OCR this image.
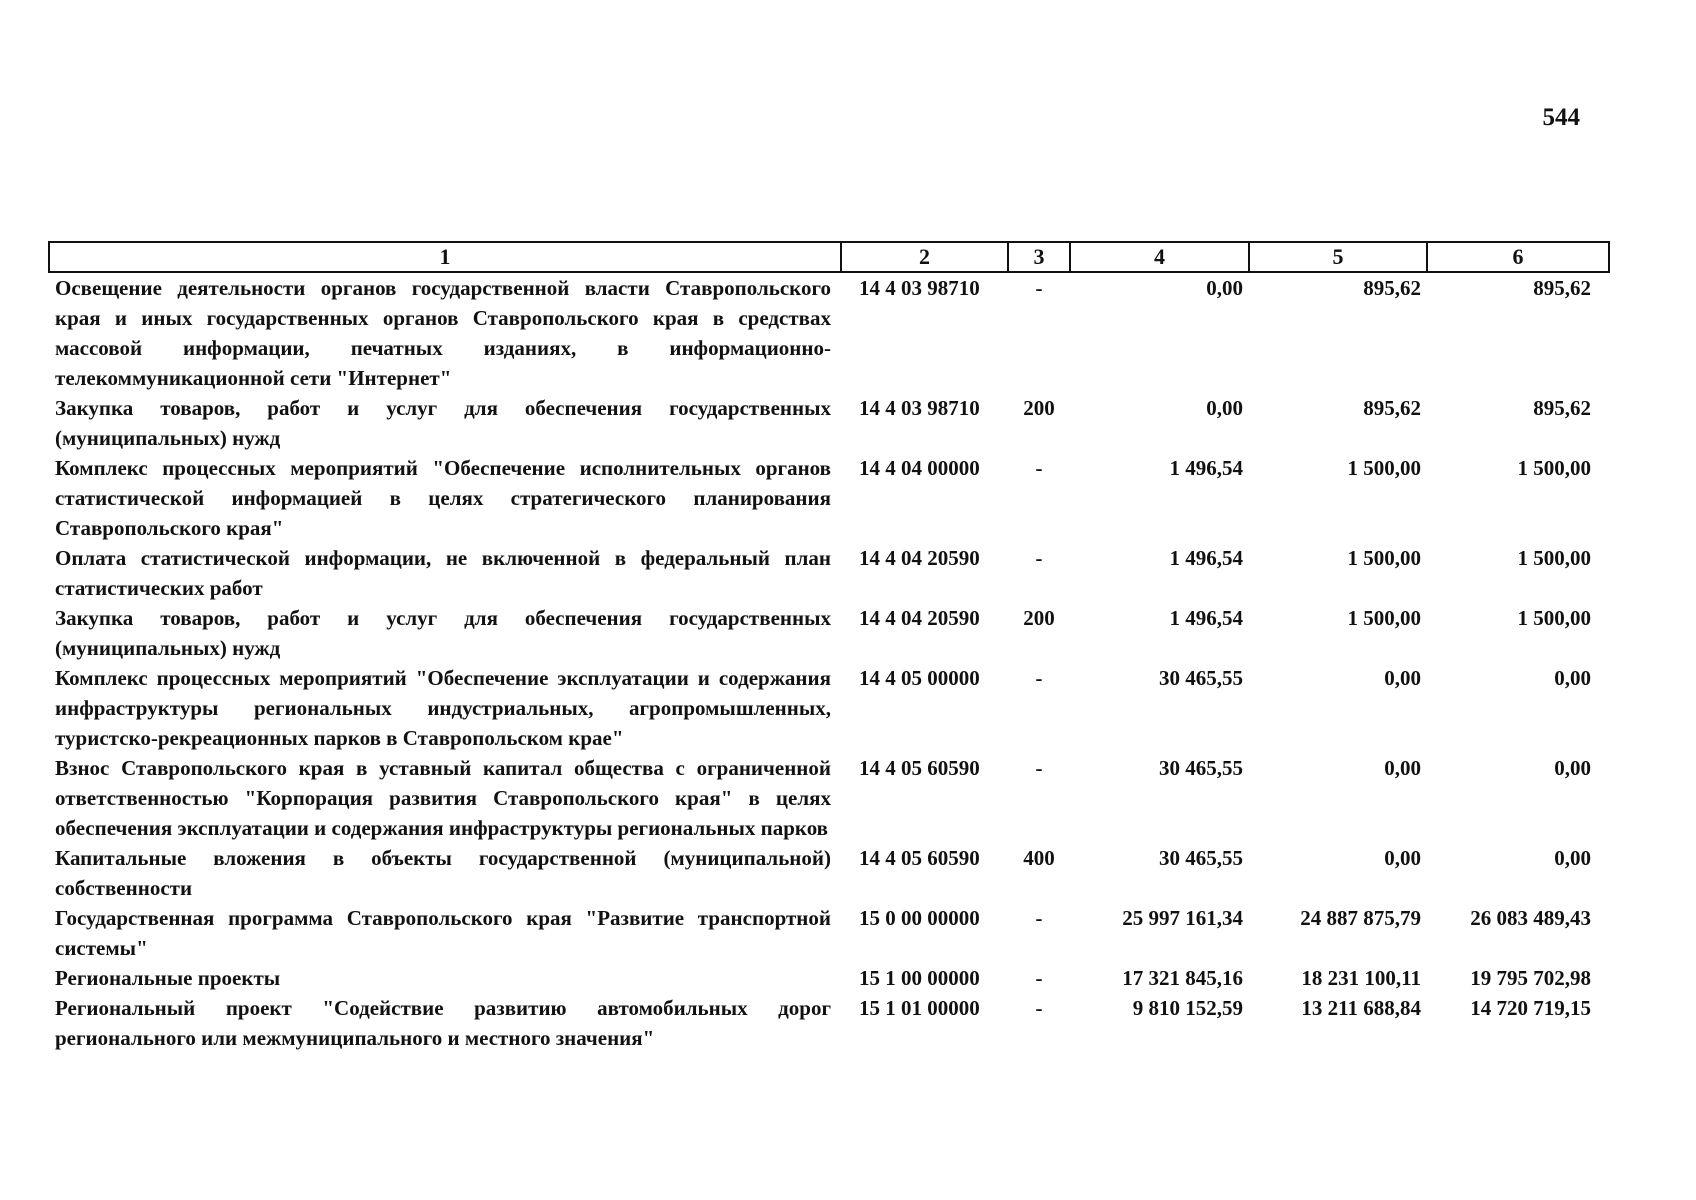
544
1	2	3	4	5	6
Освещение деятельности органов государственной власти Ставропольского края и иных государственных органов Ставропольского края в средствах массовой информации, печатных изданиях, в информационно-телекоммуникационной сети "Интернет"	14 4 03 98710	-	0,00	895,62	895,62
Закупка товаров, работ и услуг для обеспечения государственных (муниципальных) нужд	14 4 03 98710	200	0,00	895,62	895,62
Комплекс процессных мероприятий "Обеспечение исполнительных органов статистической информацией в целях стратегического планирования Ставропольского края"	14 4 04 00000	-	1 496,54	1 500,00	1 500,00
Оплата статистической информации, не включенной в федеральный план статистических работ	14 4 04 20590	-	1 496,54	1 500,00	1 500,00
Закупка товаров, работ и услуг для обеспечения государственных (муниципальных) нужд	14 4 04 20590	200	1 496,54	1 500,00	1 500,00
Комплекс процессных мероприятий "Обеспечение эксплуатации и содержания инфраструктуры региональных индустриальных, агропромышленных, туристско-рекреационных парков в Ставропольском крае"	14 4 05 00000	-	30 465,55	0,00	0,00
Взнос Ставропольского края в уставный капитал общества с ограниченной ответственностью "Корпорация развития Ставропольского края" в целях обеспечения эксплуатации и содержания инфраструктуры региональных парков	14 4 05 60590	-	30 465,55	0,00	0,00
Капитальные вложения в объекты государственной (муниципальной) собственности	14 4 05 60590	400	30 465,55	0,00	0,00
Государственная программа Ставропольского края "Развитие транспортной системы"	15 0 00 00000	-	25 997 161,34	24 887 875,79	26 083 489,43
Региональные проекты	15 1 00 00000	-	17 321 845,16	18 231 100,11	19 795 702,98
Региональный проект "Содействие развитию автомобильных дорог регионального или межмуниципального и местного значения"	15 1 01 00000	-	9 810 152,59	13 211 688,84	14 720 719,15
